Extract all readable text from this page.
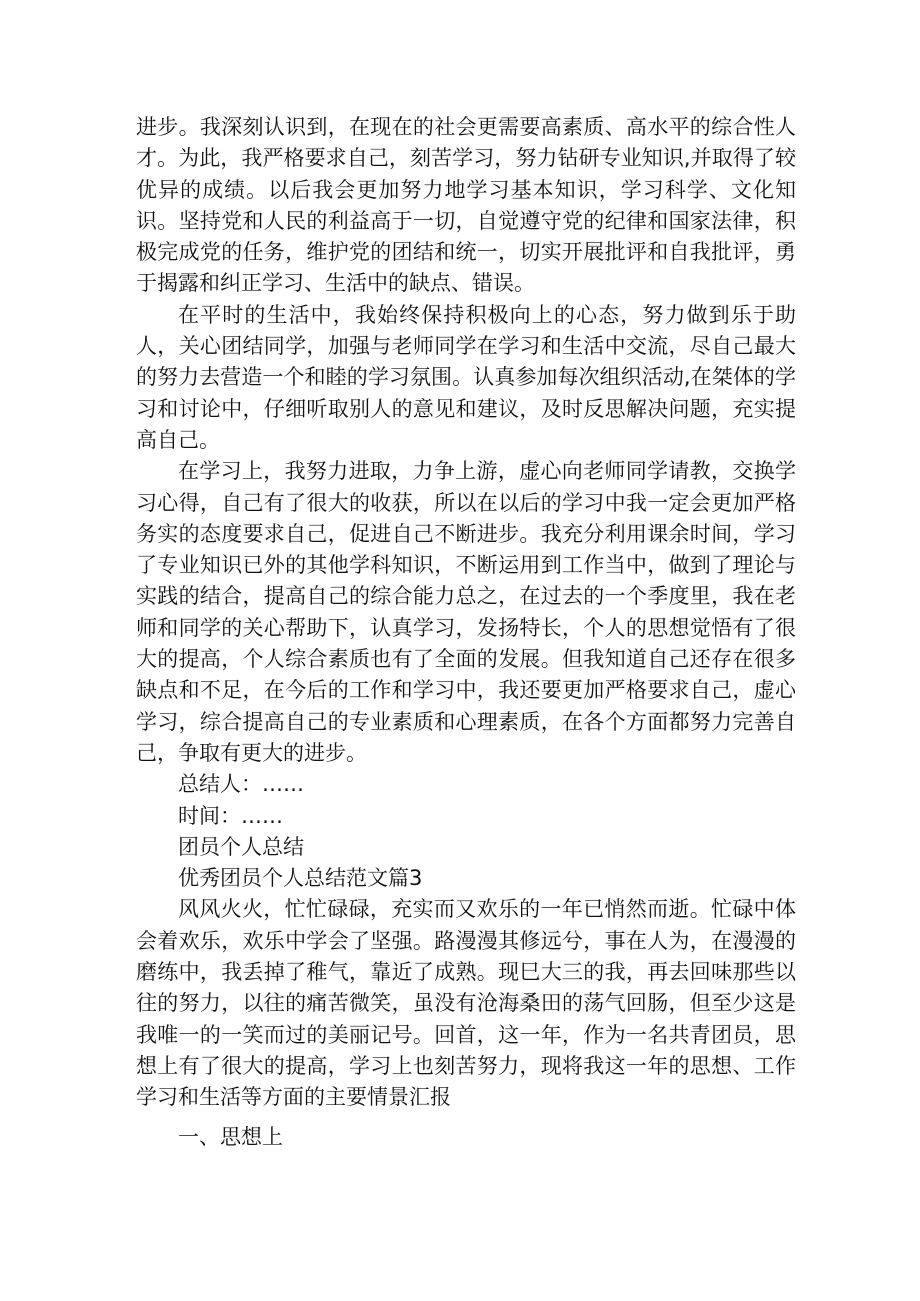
进步。我深刻认识到，在现在的社会更需要高素质、高水平的综合性人才。为此，我严格要求自己，刻苦学习，努力钻研专业知识,并取得了较优异的成绩。以后我会更加努力地学习基本知识，学习科学、文化知识。坚持党和人民的利益高于一切，自觉遵守党的纪律和国家法律，积极完成党的任务，维护党的团结和统一，切实开展批评和自我批评，勇于揭露和纠正学习、生活中的缺点、错误。

在平时的生活中，我始终保持积极向上的心态，努力做到乐于助人，关心团结同学，加强与老师同学在学习和生活中交流，尽自己最大的努力去营造一个和睦的学习氛围。认真参加每次组织活动,在桀体的学习和讨论中，仔细听取别人的意见和建议，及时反思解决问题，充实提高自己。

在学习上，我努力进取，力争上游，虚心向老师同学请教，交换学习心得，自己有了很大的收获，所以在以后的学习中我一定会更加严格务实的态度要求自己，促进自己不断进步。我充分利用课余时间，学习了专业知识已外的其他学科知识，不断运用到工作当中，做到了理论与实践的结合，提高自己的综合能力总之，在过去的一个季度里，我在老师和同学的关心帮助下，认真学习，发扬特长，个人的思想觉悟有了很大的提高，个人综合素质也有了全面的发展。但我知道自己还存在很多缺点和不足，在今后的工作和学习中，我还要更加严格要求自己，虚心学习，综合提高自己的专业素质和心理素质，在各个方面都努力完善自己，争取有更大的进步。

总结人：……

时间：……

团员个人总结

优秀团员个人总结范文篇3

风风火火，忙忙碌碌，充实而又欢乐的一年已悄然而逝。忙碌中体会着欢乐，欢乐中学会了坚强。路漫漫其修远兮，事在人为，在漫漫的磨练中，我丢掉了稚气，靠近了成熟。现巳大三的我，再去回味那些以往的努力，以往的痛苦微笑，虽没有沧海桑田的荡气回肠，但至少这是我唯一的一笑而过的美丽记号。回首，这一年，作为一名共青团员，思想上有了很大的提高，学习上也刻苦努力，现将我这一年的思想、工作学习和生活等方面的主要情景汇报

一、思想上
